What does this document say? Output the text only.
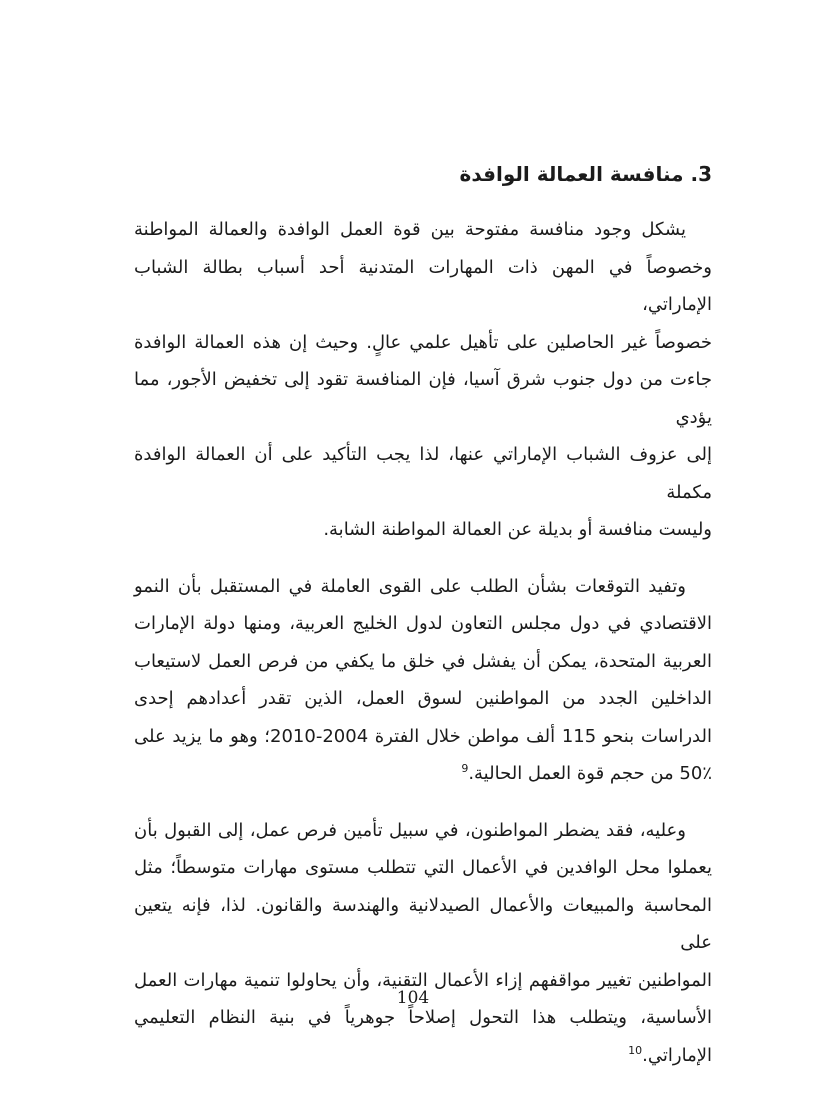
3. منافسة العمالة الوافدة
يشكل وجود منافسة مفتوحة بين قوة العمل الوافدة والعمالة المواطنة
وخصوصاً في المهن ذات المهارات المتدنية أحد أسباب بطالة الشباب الإماراتي،
خصوصاً غير الحاصلين على تأهيل علمي عالٍ. وحيث إن هذه العمالة الوافدة
جاءت من دول جنوب شرق آسيا، فإن المنافسة تقود إلى تخفيض الأجور، مما يؤدي
إلى عزوف الشباب الإماراتي عنها، لذا يجب التأكيد على أن العمالة الوافدة مكملة
وليست منافسة أو بديلة عن العمالة المواطنة الشابة.
وتفيد التوقعات بشأن الطلب على القوى العاملة في المستقبل بأن النمو
الاقتصادي في دول مجلس التعاون لدول الخليج العربية، ومنها دولة الإمارات
العربية المتحدة، يمكن أن يفشل في خلق ما يكفي من فرص العمل لاستيعاب
الداخلين الجدد من المواطنين لسوق العمل، الذين تقدر أعدادهم إحدى
الدراسات بنحو 115 ألف مواطن خلال الفترة 2004-2010؛ وهو ما يزيد على
50٪ من حجم قوة العمل الحالية.$^9$
وعليه، فقد يضطر المواطنون، في سبيل تأمين فرص عمل، إلى القبول بأن
يعملوا محل الوافدين في الأعمال التي تتطلب مستوى مهارات متوسطاً؛ مثل
المحاسبة والمبيعات والأعمال الصيدلانية والهندسة والقانون. لذا، فإنه يتعين على
المواطنين تغيير مواقفهم إزاء الأعمال التقنية، وأن يحاولوا تنمية مهارات العمل
الأساسية، ويتطلب هذا التحول إصلاحاً جوهرياً في بنية النظام التعليمي
الإماراتي.$^{10}$
104
